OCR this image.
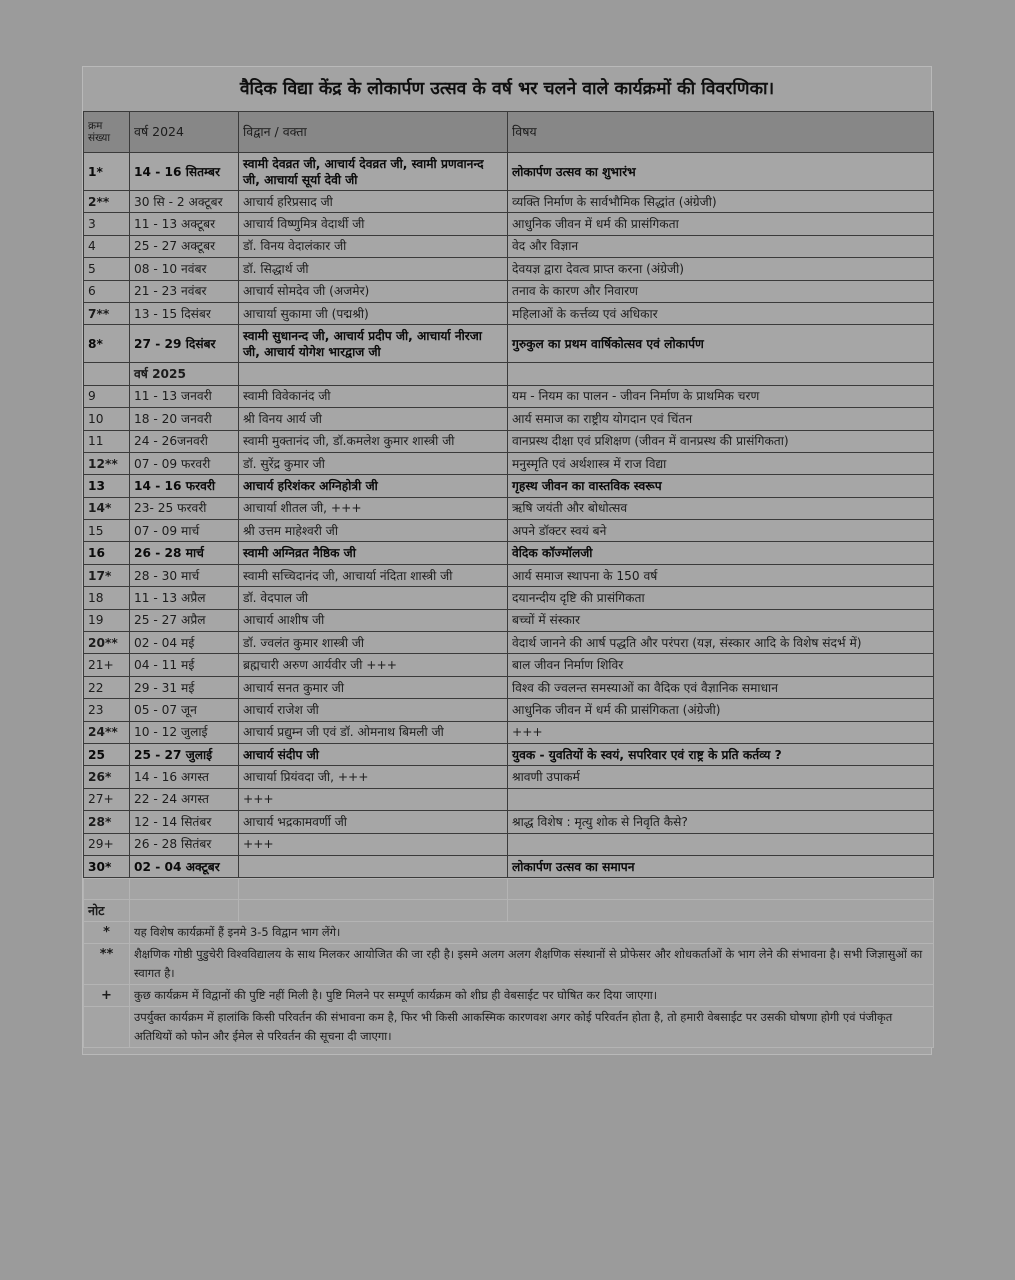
वैदिक विद्या केंद्र के लोकार्पण उत्सव के वर्ष भर चलने वाले कार्यक्रमों की विवरणिका।
क्रम संख्या	वर्ष 2024	विद्वान / वक्ता	विषय
1*	14 - 16 सितम्बर	स्वामी देवव्रत जी, आचार्य देवव्रत जी, स्वामी प्रणवानन्द जी, आचार्या सूर्या देवी जी	लोकार्पण उत्सव का शुभारंभ
2**	30 सि - 2 अक्टूबर	आचार्य हरिप्रसाद जी	व्यक्ति निर्माण के सार्वभौमिक सिद्धांत (अंग्रेजी)
3	11 - 13 अक्टूबर	आचार्य विष्णुमित्र वेदार्थी जी	आधुनिक जीवन में धर्म की प्रासंगिकता
4	25 - 27 अक्टूबर	डॉ. विनय वेदालंकार जी	वेद और विज्ञान
5	08 - 10 नवंबर	डॉ. सिद्धार्थ जी	देवयज्ञ द्वारा देवत्व प्राप्त करना (अंग्रेजी)
6	21 - 23 नवंबर	आचार्य सोमदेव जी (अजमेर)	तनाव के कारण और निवारण
7**	13 - 15 दिसंबर	आचार्या सुकामा जी (पद्मश्री)	महिलाओं के कर्त्तव्य एवं अधिकार
8*	27 - 29 दिसंबर	स्वामी सुधानन्द जी, आचार्य प्रदीप जी, आचार्या नीरजा जी, आचार्य योगेश भारद्वाज जी	गुरुकुल का प्रथम वार्षिकोत्सव एवं लोकार्पण
	वर्ष 2025		
9	11 - 13 जनवरी	स्वामी विवेकानंद जी	यम - नियम का पालन - जीवन निर्माण के प्राथमिक चरण
10	18 - 20 जनवरी	श्री विनय आर्य जी	आर्य समाज का राष्ट्रीय योगदान एवं चिंतन
11	24 - 26जनवरी	स्वामी मुक्तानंद जी, डॉ.कमलेश कुमार शास्त्री जी	वानप्रस्थ दीक्षा एवं प्रशिक्षण (जीवन में वानप्रस्थ की प्रासंगिकता)
12**	07 - 09 फरवरी	डॉ. सुरेंद्र कुमार जी	मनुस्मृति एवं अर्थशास्त्र में राज विद्या
13	14 - 16 फरवरी	आचार्य हरिशंकर अग्निहोत्री जी	गृहस्थ जीवन का वास्तविक स्वरूप
14*	23- 25 फरवरी	आचार्या शीतल जी, +++	ऋषि जयंती और बोधोत्सव
15	07 - 09 मार्च	श्री उत्तम माहेश्वरी जी	अपने डॉक्टर स्वयं बने
16	26 - 28 मार्च	स्वामी अग्निव्रत नैष्ठिक जी	वेदिक कॉज्मॉलजी
17*	28 - 30 मार्च	स्वामी सच्चिदानंद जी, आचार्या नंदिता शास्त्री जी	आर्य समाज स्थापना के 150 वर्ष
18	11 - 13 अप्रैल	डॉ. वेदपाल जी	दयानन्दीय दृष्टि की प्रासंगिकता
19	25 - 27 अप्रैल	आचार्य आशीष जी	बच्चों में संस्कार
20**	02 - 04 मई	डॉ. ज्वलंत कुमार शास्त्री जी	वेदार्थ जानने की आर्ष पद्धति और परंपरा (यज्ञ, संस्कार आदि के विशेष संदर्भ में)
21+	04 - 11 मई	ब्रह्मचारी अरुण आर्यवीर जी +++	बाल जीवन निर्माण शिविर
22	29 - 31 मई	आचार्य सनत कुमार जी	विश्व की ज्वलन्त समस्याओं का वैदिक एवं वैज्ञानिक समाधान
23	05 - 07 जून	आचार्य राजेश जी	आधुनिक जीवन में धर्म की प्रासंगिकता (अंग्रेजी)
24**	10 - 12 जुलाई	आचार्य प्रद्युम्न जी एवं डॉ. ओमनाथ बिमली जी	+++
25	25 - 27 जुलाई	आचार्य संदीप जी	युवक - युवतियों के स्वयं, सपरिवार एवं राष्ट्र के प्रति कर्तव्य ?
26*	14 - 16 अगस्त	आचार्या प्रियंवदा जी, +++	श्रावणी उपाकर्म
27+	22 - 24 अगस्त	+++	
28*	12 - 14 सितंबर	आचार्य भद्रकामवर्णी जी	श्राद्ध विशेष : मृत्यु शोक से निवृति कैसे?
29+	26 - 28 सितंबर	+++	
30*	02 - 04 अक्टूबर		लोकार्पण उत्सव का समापन

नोट			
*	यह विशेष कार्यक्रमों हैं इनमे 3-5 विद्वान भाग लेंगे।		
**	शैक्षणिक गोष्ठी पुडुचेरी विश्वविद्यालय के साथ मिलकर आयोजित की जा रही है। इसमे अलग अलग शैक्षणिक संस्थानों से प्रोफेसर और शोधकर्ताओं के भाग लेने की संभावना है। सभी जिज्ञासुओं का स्वागत है।		
+	कुछ कार्यक्रम में विद्वानों की पुष्टि नहीं मिली है। पुष्टि मिलने पर सम्पूर्ण कार्यक्रम को शीघ्र ही वेबसाईट पर घोषित कर दिया जाएगा।		
	उपर्युक्त कार्यक्रम में हालांकि किसी परिवर्तन की संभावना कम है, फिर भी किसी आकस्मिक कारणवश अगर कोई परिवर्तन होता है, तो हमारी वेबसाईट पर उसकी घोषणा होगी एवं पंजीकृत अतिथियों को फोन और ईमेल से परिवर्तन की सूचना दी जाएगा।		
